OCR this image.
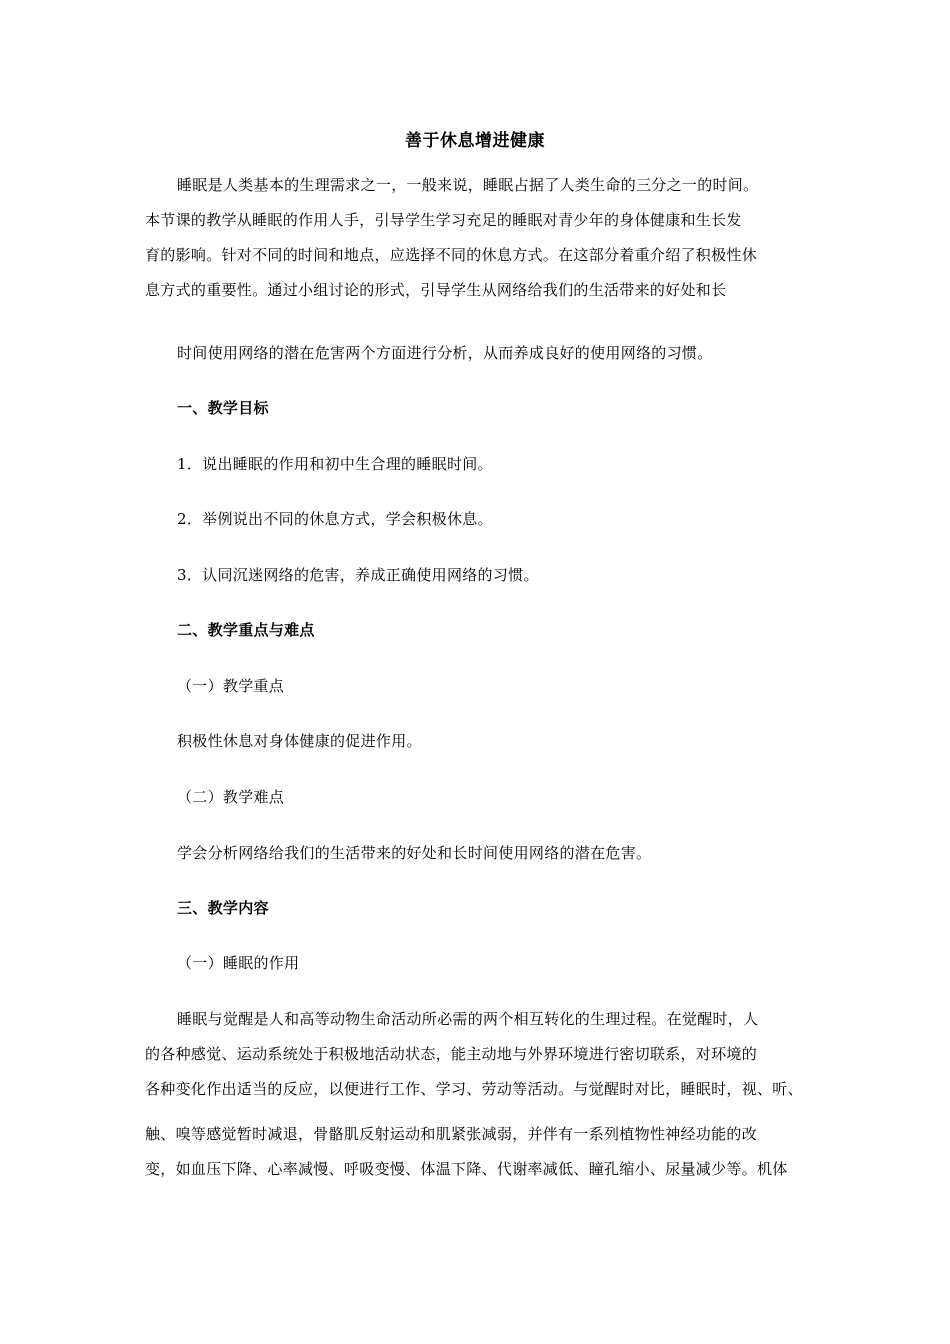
善于休息增进健康
睡眠是人类基本的生理需求之一，一般来说，睡眠占据了人类生命的三分之一的时间。
本节课的教学从睡眠的作用人手，引导学生学习充足的睡眠对青少年的身体健康和生长发
育的影响。针对不同的时间和地点，应选择不同的休息方式。在这部分着重介绍了积极性休
息方式的重要性。通过小组讨论的形式，引导学生从网络给我们的生活带来的好处和长
时间使用网络的潜在危害两个方面进行分析，从而养成良好的使用网络的习惯。
一、教学目标
1．说出睡眠的作用和初中生合理的睡眠时间。
2．举例说出不同的休息方式，学会积极休息。
3．认同沉迷网络的危害，养成正确使用网络的习惯。
二、教学重点与难点
（一）教学重点
积极性休息对身体健康的促进作用。
（二）教学难点
学会分析网络给我们的生活带来的好处和长时间使用网络的潜在危害。
三、教学内容
（一）睡眠的作用
睡眠与觉醒是人和高等动物生命活动所必需的两个相互转化的生理过程。在觉醒时，人
的各种感觉、运动系统处于积极地活动状态，能主动地与外界环境进行密切联系，对环境的
各种变化作出适当的反应，以便进行工作、学习、劳动等活动。与觉醒时对比，睡眠时，视、听、
触、嗅等感觉暂时减退，骨骼肌反射运动和肌紧张减弱，并伴有一系列植物性神经功能的改
变，如血压下降、心率减慢、呼吸变慢、体温下降、代谢率减低、瞳孔缩小、尿量减少等。机体
